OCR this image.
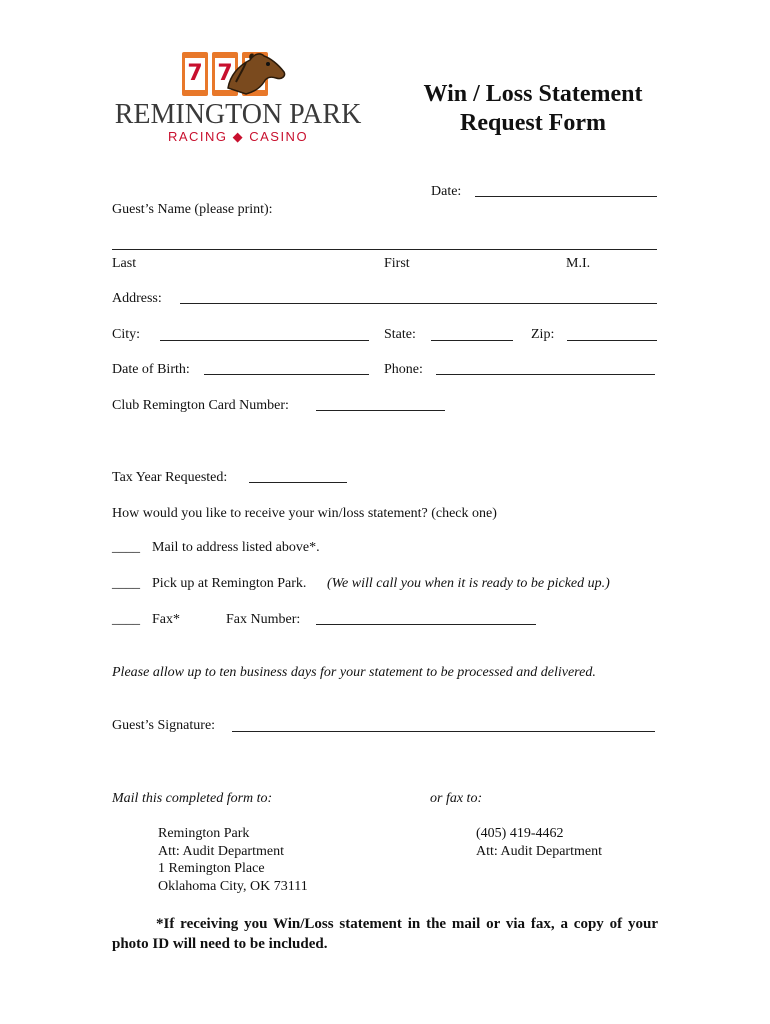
7 7
REMINGTON PARK
RACING ◆ CASINO
Win / Loss Statement
Request Form
Date:
Guest’s Name (please print):
Last	First	M.I.
Address:
City:	State:	Zip:
Date of Birth:	Phone:
Club Remington Card Number:
Tax Year Requested:
How would you like to receive your win/loss statement? (check one)
____ Mail to address listed above*.
____ Pick up at Remington Park. (We will call you when it is ready to be picked up.)
____ Fax*	Fax Number:
Please allow up to ten business days for your statement to be processed and delivered.
Guest’s Signature:
Mail this completed form to:	or fax to:
Remington Park
Att: Audit Department
1 Remington Place
Oklahoma City, OK 73111
(405) 419-4462
Att: Audit Department
*If receiving you Win/Loss statement in the mail or via fax, a copy of your photo ID will need to be included.
